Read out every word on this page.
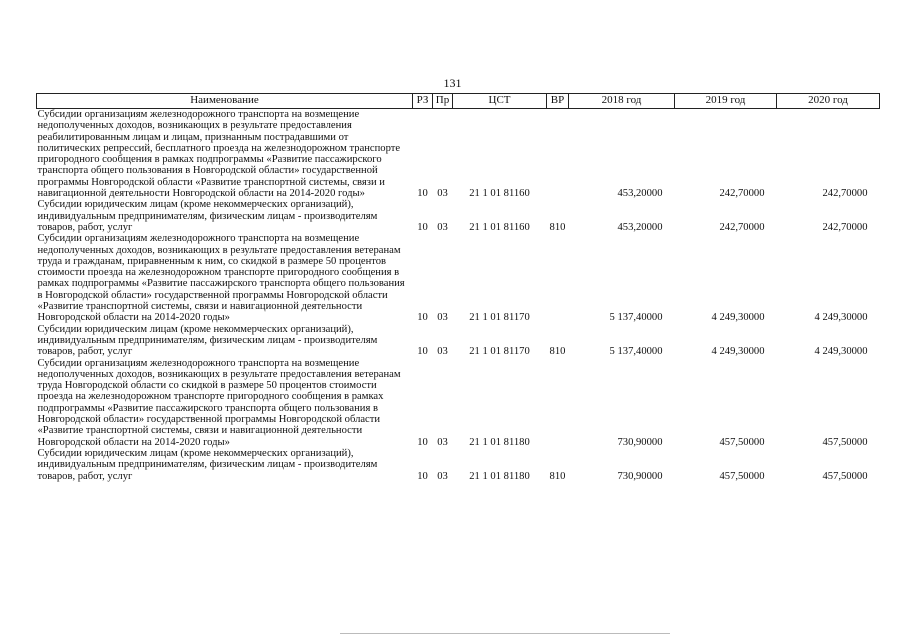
131
Наименование	РЗ	Пр	ЦСТ	ВР	2018 год	2019 год	2020 год
Субсидии организациям железнодорожного транспорта на возмещение недополученных доходов, возникающих в результате предоставления реабилитированным лицам и лицам, признанным пострадавшими от политических репрессий, бесплатного проезда на железнодорожном транспорте пригородного сообщения в рамках подпрограммы «Развитие пассажирского транспорта общего пользования в Новгородской области» государственной программы Новгородской области «Развитие транспортной системы, связи и навигационной деятельности Новгородской области на 2014-2020 годы»	10	03	21 1 01 81160		453,20000	242,70000	242,70000
Субсидии юридическим лицам (кроме некоммерческих организаций), индивидуальным предпринимателям, физическим лицам - производителям товаров, работ, услуг	10	03	21 1 01 81160	810	453,20000	242,70000	242,70000
Субсидии организациям железнодорожного транспорта на возмещение недополученных доходов, возникающих в результате предоставления ветеранам труда и гражданам, приравненным к ним, со скидкой в размере 50 процентов стоимости проезда на железнодорожном транспорте пригородного сообщения в рамках подпрограммы «Развитие пассажирского транспорта общего пользования в Новгородской области» государственной программы Новгородской области «Развитие транспортной системы, связи и навигационной деятельности Новгородской области на 2014-2020 годы»	10	03	21 1 01 81170		5 137,40000	4 249,30000	4 249,30000
Субсидии юридическим лицам (кроме некоммерческих организаций), индивидуальным предпринимателям, физическим лицам - производителям товаров, работ, услуг	10	03	21 1 01 81170	810	5 137,40000	4 249,30000	4 249,30000
Субсидии организациям железнодорожного транспорта на возмещение недополученных доходов, возникающих в результате предоставления ветеранам труда Новгородской области со скидкой в размере 50 процентов стоимости проезда на железнодорожном транспорте пригородного сообщения в рамках подпрограммы «Развитие пассажирского транспорта общего пользования в Новгородской области» государственной программы Новгородской области «Развитие транспортной системы, связи и навигационной деятельности Новгородской области на 2014-2020 годы»	10	03	21 1 01 81180		730,90000	457,50000	457,50000
Субсидии юридическим лицам (кроме некоммерческих организаций), индивидуальным предпринимателям, физическим лицам - производителям товаров, работ, услуг	10	03	21 1 01 81180	810	730,90000	457,50000	457,50000
